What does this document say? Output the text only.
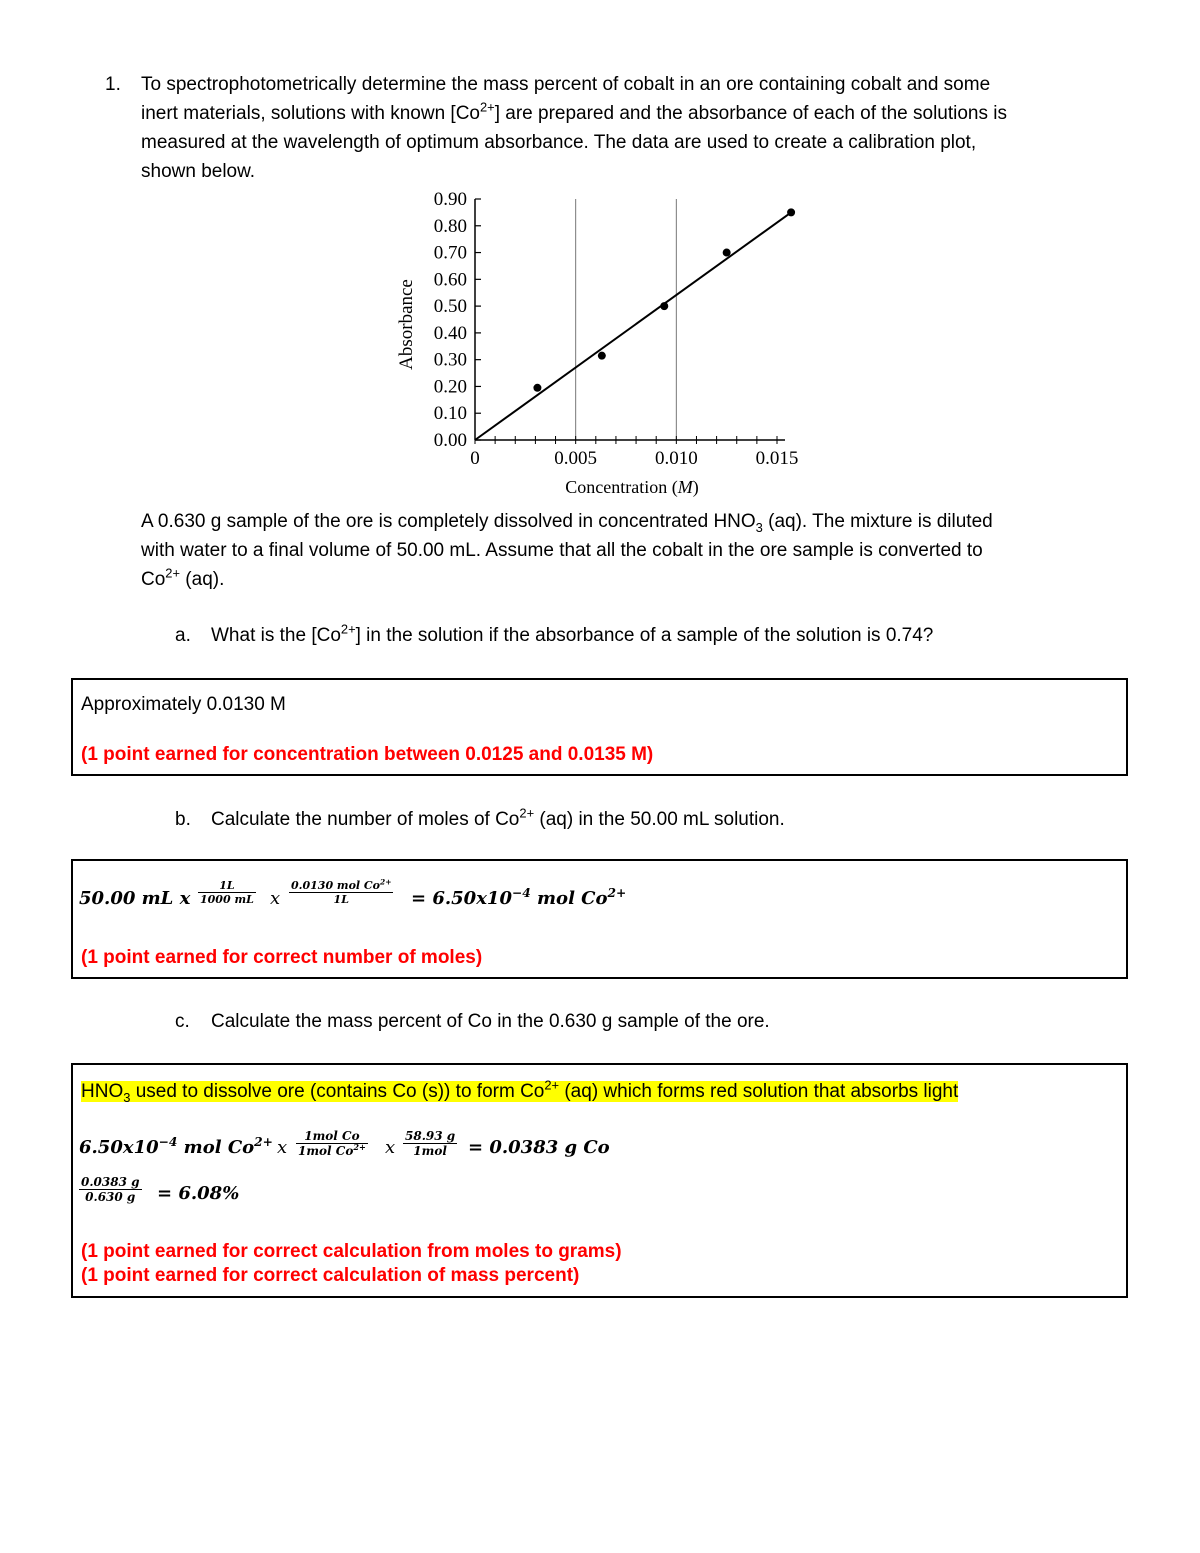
1. To spectrophotometrically determine the mass percent of cobalt in an ore containing cobalt and some
inert materials, solutions with known $[Co^{2+}]$ are prepared and the absorbance of each of the solutions is
measured at the wavelength of optimum absorbance. The data are used to create a calibration plot,
shown below.
0.00
0.10
0.20
0.30
0.40
0.50
0.60
0.70
0.80
0.90
0	0.005	0.010	0.015
Absorbance
Concentration (M)
A 0.630 g sample of the ore is completely dissolved in concentrated $HNO_3$ (aq). The mixture is diluted
with water to a final volume of 50.00 mL. Assume that all the cobalt in the ore sample is converted to
$Co^{2+}$ (aq).
a. What is the $[Co^{2+}]$ in the solution if the absorbance of a sample of the solution is 0.74?
Approximately 0.0130 M
(1 point earned for concentration between 0.0125 and 0.0135 M)
b. Calculate the number of moles of $Co^{2+}$ (aq) in the 50.00 mL solution.
50.00 mL x $\frac{1L}{1000 mL}$ x
0.0130 mol $Co^{2+}$
1L	= $6.50x10^{-4}$ mol $Co^{2+}$
(1 point earned for correct number of moles)
c. Calculate the mass percent of Co in the 0.630 g sample of the ore.
$HNO_3$ used to dissolve ore (contains Co (s)) to form $Co^{2+}$ (aq) which forms red solution that absorbs light
$6.50x10^{-4}$ mol $Co^{2+}$ x
1mol Co
1mol $Co^{2+}$ x
58.93 g
1mol	= 0.0383 g Co
$\frac{0.0383 g}{0.630 g} = 6.08\%$
(1 point earned for correct calculation from moles to grams)
(1 point earned for correct calculation of mass percent)
